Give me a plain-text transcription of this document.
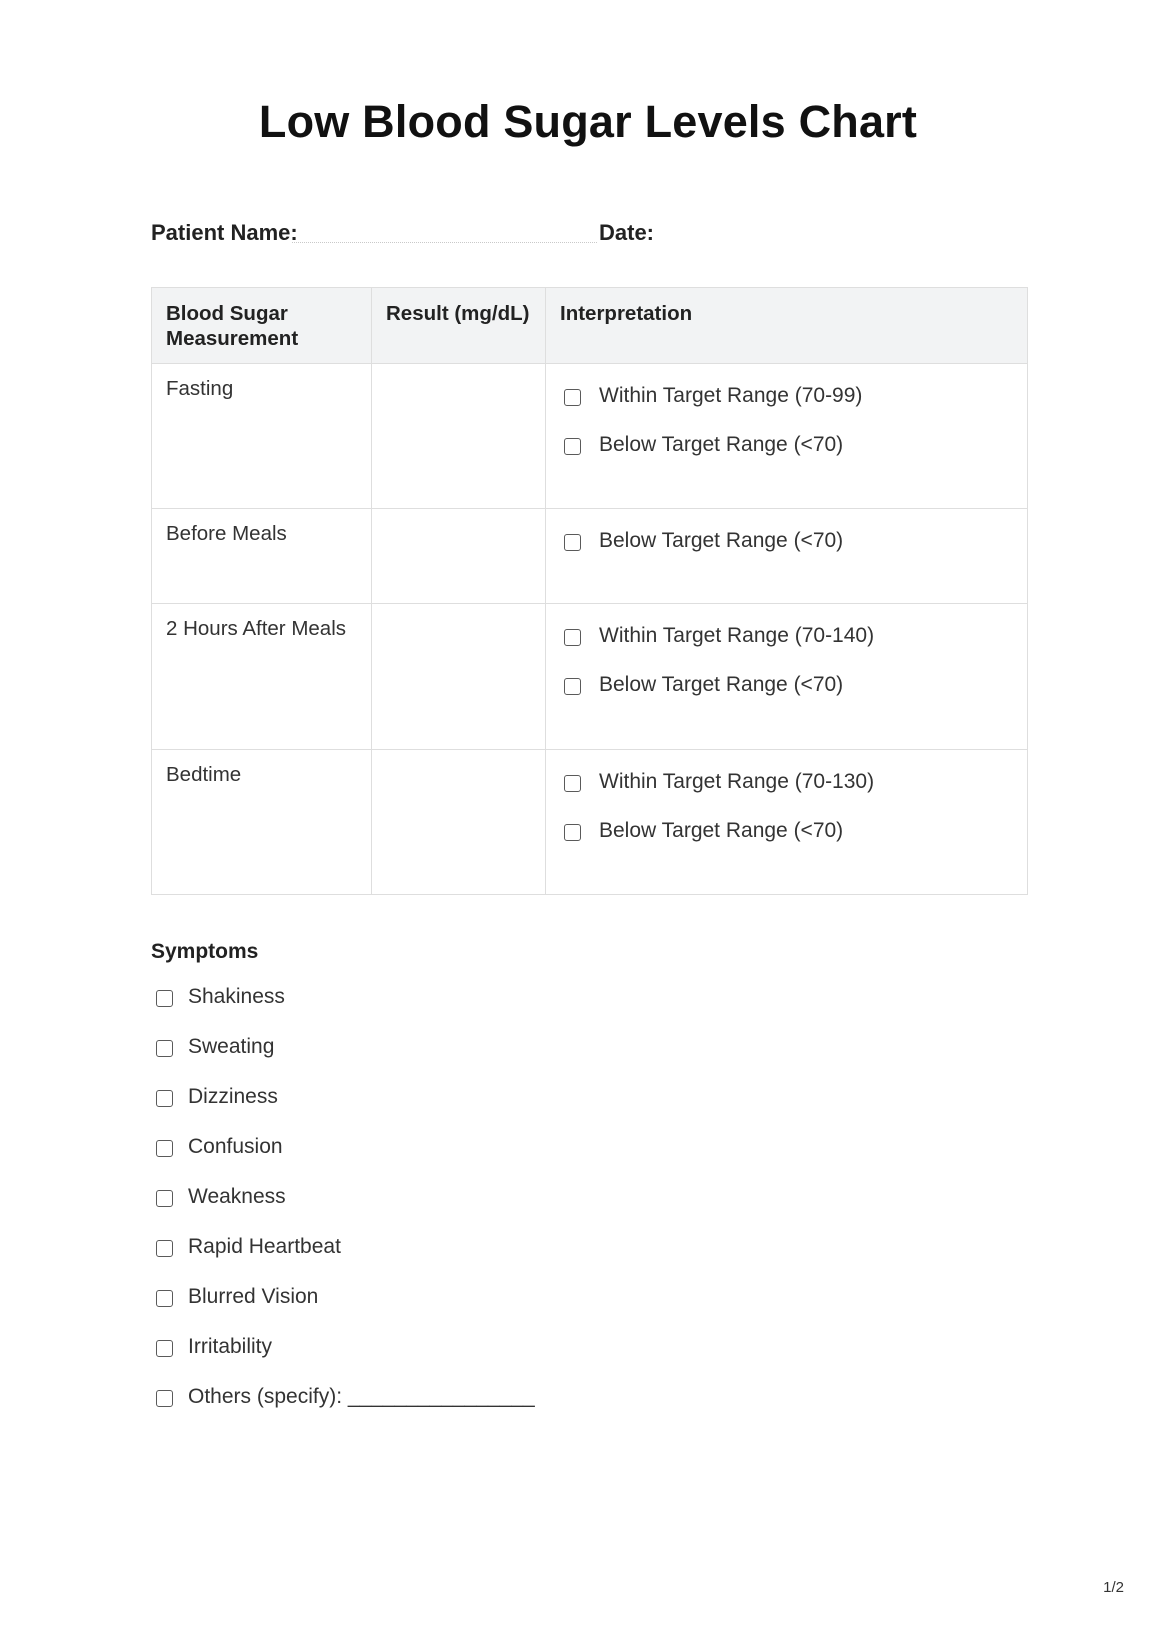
Low Blood Sugar Levels Chart
Patient Name:	Date:
Blood Sugar Measurement	Result (mg/dL)	Interpretation
Fasting		Within Target Range (70-99)
Below Target Range (<70)

Before Meals		Below Target Range (<70)

2 Hours After Meals		Within Target Range (70-140)
Below Target Range (<70)

Bedtime		Within Target Range (70-130)
Below Target Range (<70)
Symptoms
Shakiness
Sweating
Dizziness
Confusion
Weakness
Rapid Heartbeat
Blurred Vision
Irritability
Others (specify): ________________
1/2
